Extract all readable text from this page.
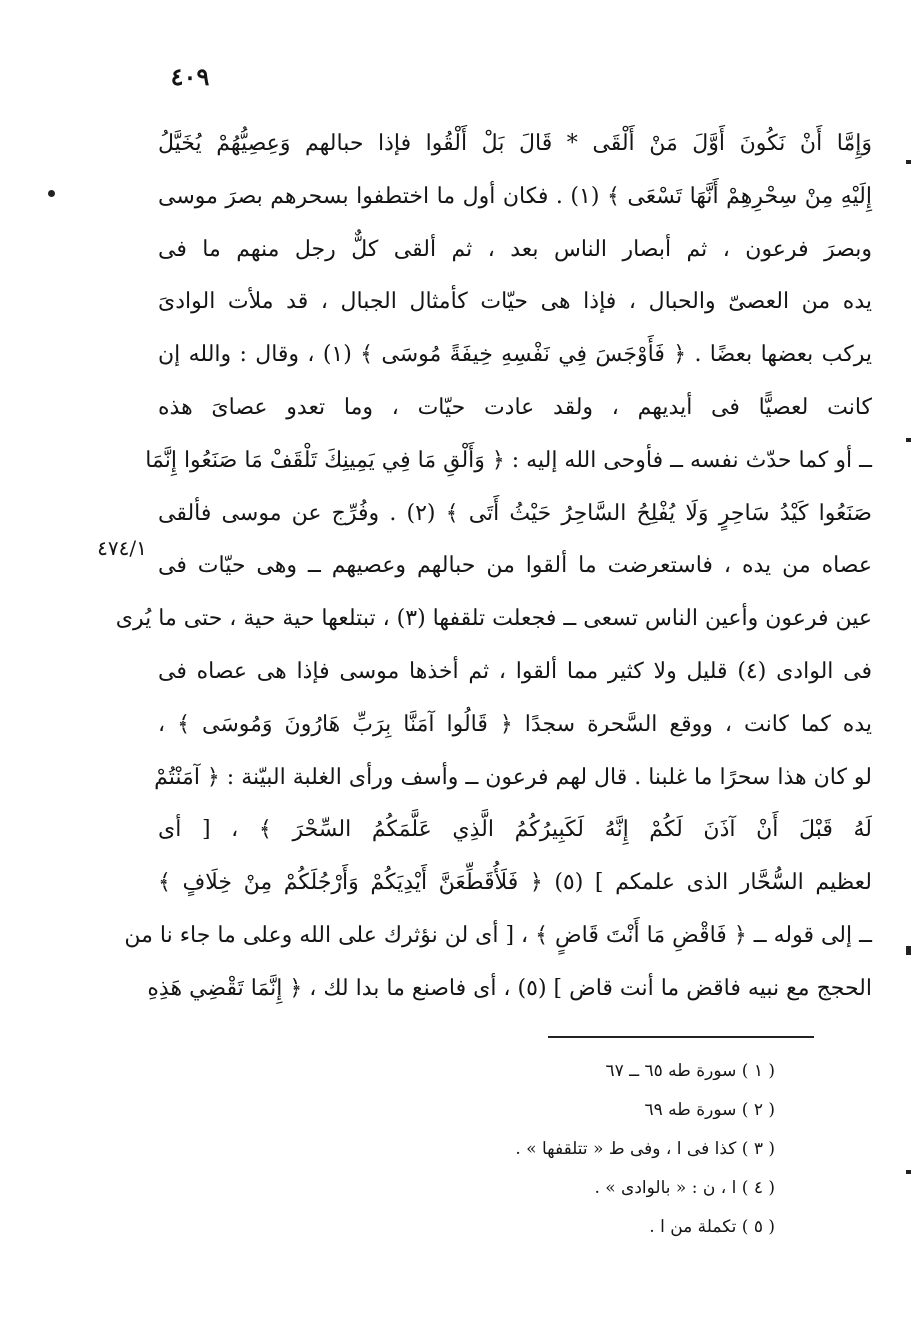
٤٠٩
٤٧٤/١
وَإِمَّا أَنْ نَكُونَ أَوَّلَ مَنْ أَلْقَى * قَالَ بَلْ أَلْقُوا فإذا حبالهم وَعِصِيُّهُمْ يُخَيَّلُ
إِلَيْهِ مِنْ سِحْرِهِمْ أَنَّهَا تَسْعَى ﴾ (١) . فكان أول ما اختطفوا بسحرهم بصرَ موسى
وبصرَ فرعون ، ثم أبصار الناس بعد ، ثم ألقى كلٌّ رجل منهم ما فى
يده من العصىّ والحبال ، فإذا هى حيّات كأمثال الجبال ، قد ملأت الوادىَ
يركب بعضها بعضًا . ﴿ فَأَوْجَسَ فِي نَفْسِهِ خِيفَةً مُوسَى ﴾ (١) ، وقال : والله إن
كانت لعصيًّا فى أيديهم ، ولقد عادت حيّات ، وما تعدو عصاىَ هذه
ــ أو كما حدّث نفسه ــ فأوحى الله إليه : ﴿ وَأَلْقِ مَا فِي يَمِينِكَ تَلْقَفْ مَا صَنَعُوا إِنَّمَا
صَنَعُوا كَيْدُ سَاحِرٍ وَلَا يُفْلِحُ السَّاحِرُ حَيْثُ أَتَى ﴾ (٢) . وفُرِّج عن موسى فألقى
عصاه من يده ، فاستعرضت ما ألقوا من حبالهم وعصيهم ــ وهى حيّات فى
عين فرعون وأعين الناس تسعى ــ فجعلت تلقفها (٣) ، تبتلعها حية حية ، حتى ما يُرى
فى الوادى (٤) قليل ولا كثير مما ألقوا ، ثم أخذها موسى فإذا هى عصاه فى
يده كما كانت ، ووقع السَّحرة سجدًا ﴿ قَالُوا آمَنَّا بِرَبِّ هَارُونَ وَمُوسَى ﴾ ،
لو كان هذا سحرًا ما غلبنا . قال لهم فرعون ــ وأسف ورأى الغلبة البيّنة : ﴿ آمَنْتُمْ
لَهُ قَبْلَ أَنْ آذَنَ لَكُمْ إِنَّهُ لَكَبِيرُكُمُ الَّذِي عَلَّمَكُمُ السِّحْرَ ﴾ ، [ أى
لعظيم السُّحَّار الذى علمكم ] (٥) ﴿ فَلَأُقَطِّعَنَّ أَيْدِيَكُمْ وَأَرْجُلَكُمْ مِنْ خِلَافٍ ﴾
ــ إلى قوله ــ ﴿ فَاقْضِ مَا أَنْتَ قَاضٍ ﴾ ، [ أى لن نؤثرك على الله وعلى ما جاء نا من
الحجج مع نبيه فاقض ما أنت قاض ] (٥) ، أى فاصنع ما بدا لك ، ﴿ إِنَّمَا تَقْضِي هَذِهِ
( ١ ) سورة طه ٦٥ ــ ٦٧
( ٢ ) سورة طه ٦٩
( ٣ ) كذا فى ا ، وفى ط « تتلقفها » .
( ٤ ) ا ، ن : « بالوادى » .
( ٥ ) تكملة من ا .
